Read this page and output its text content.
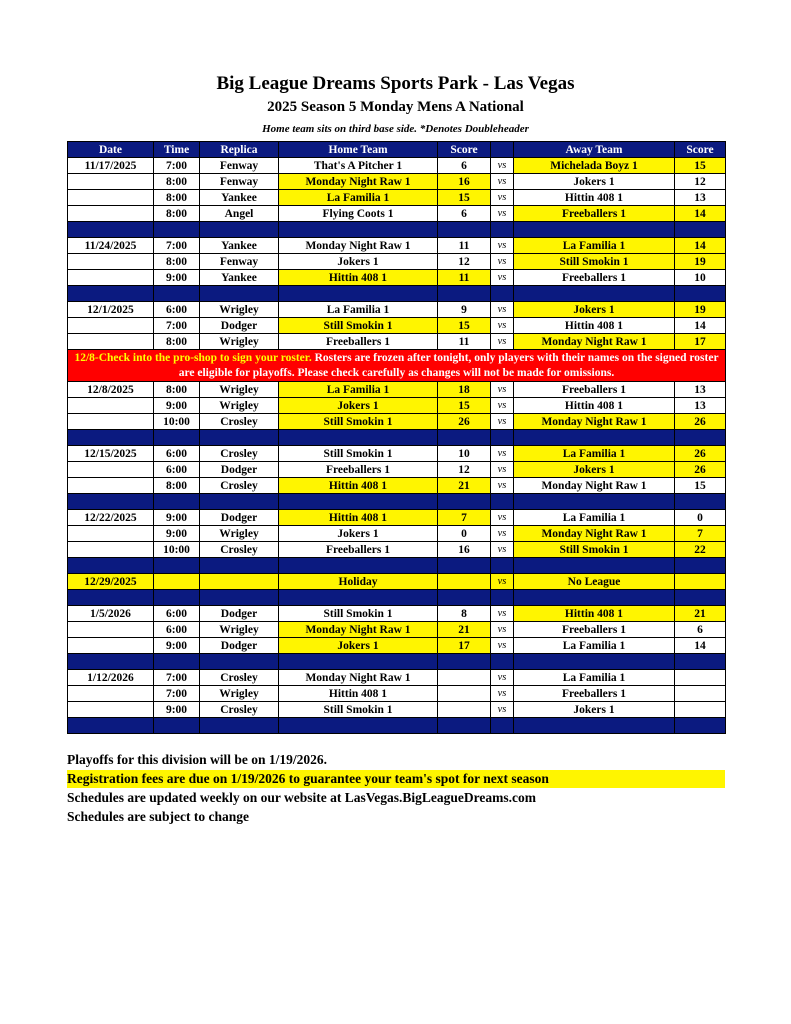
Big League Dreams Sports Park - Las Vegas
2025 Season 5 Monday Mens A National
Home team sits on third base side. *Denotes Doubleheader
Date	Time	Replica	Home Team	Score		Away Team	Score
11/17/2025	7:00	Fenway	That's A Pitcher 1	6	vs	Michelada Boyz 1	15
	8:00	Fenway	Monday Night Raw 1	16	vs	Jokers 1	12
	8:00	Yankee	La Familia 1	15	vs	Hittin 408 1	13
	8:00	Angel	Flying Coots 1	6	vs	Freeballers 1	14

11/24/2025	7:00	Yankee	Monday Night Raw 1	11	vs	La Familia 1	14
	8:00	Fenway	Jokers 1	12	vs	Still Smokin 1	19
	9:00	Yankee	Hittin 408 1	11	vs	Freeballers 1	10

12/1/2025	6:00	Wrigley	La Familia 1	9	vs	Jokers 1	19
	7:00	Dodger	Still Smokin 1	15	vs	Hittin 408 1	14
	8:00	Wrigley	Freeballers 1	11	vs	Monday Night Raw 1	17
12/8-Check into the pro-shop to sign your roster. Rosters are frozen after tonight, only players with their names on the signed roster are eligible for playoffs. Please check carefully as changes will not be made for omissions.							
12/8/2025	8:00	Wrigley	La Familia 1	18	vs	Freeballers 1	13
	9:00	Wrigley	Jokers 1	15	vs	Hittin 408 1	13
	10:00	Crosley	Still Smokin 1	26	vs	Monday Night Raw 1	26

12/15/2025	6:00	Crosley	Still Smokin 1	10	vs	La Familia 1	26
	6:00	Dodger	Freeballers 1	12	vs	Jokers 1	26
	8:00	Crosley	Hittin 408 1	21	vs	Monday Night Raw 1	15

12/22/2025	9:00	Dodger	Hittin 408 1	7	vs	La Familia 1	0
	9:00	Wrigley	Jokers 1	0	vs	Monday Night Raw 1	7
	10:00	Crosley	Freeballers 1	16	vs	Still Smokin 1	22

12/29/2025			Holiday		vs	No League	

1/5/2026	6:00	Dodger	Still Smokin 1	8	vs	Hittin 408 1	21
	6:00	Wrigley	Monday Night Raw 1	21	vs	Freeballers 1	6
	9:00	Dodger	Jokers 1	17	vs	La Familia 1	14

1/12/2026	7:00	Crosley	Monday Night Raw 1		vs	La Familia 1	
	7:00	Wrigley	Hittin 408 1		vs	Freeballers 1	
	9:00	Crosley	Still Smokin 1		vs	Jokers 1	

Playoffs for this division will be on 1/19/2026.
Registration fees are due on 1/19/2026 to guarantee your team's spot for next season
Schedules are updated weekly on our website at LasVegas.BigLeagueDreams.com
Schedules are subject to change
